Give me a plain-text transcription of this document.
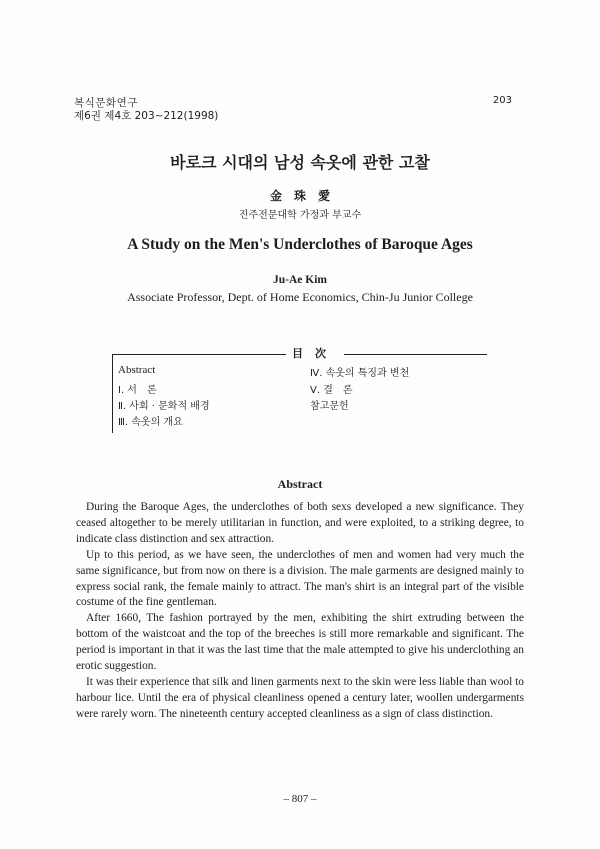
복식문화연구
제6권 제4호 203∼212(1998)
203
바로크 시대의 남성 속옷에 관한 고찰
金珠愛
진주전문대학 가정과 부교수
A Study on the Men's Underclothes of Baroque Ages
Ju-Ae Kim
Associate Professor, Dept. of Home Economics, Chin-Ju Junior College
目次
Abstract
Ⅰ. 서　론
Ⅱ. 사회 · 문화적 배경
Ⅲ. 속옷의 개요
Ⅳ. 속옷의 특징과 변천
Ⅴ. 결　론
참고문헌
Abstract

During the Baroque Ages, the underclothes of both sexs developed a new significance. They ceased altogether to be merely utilitarian in function, and were exploited, to a striking degree, to indicate class distinction and sex attraction.

Up to this period, as we have seen, the underclothes of men and women had very much the same significance, but from now on there is a division. The male garments are designed mainly to express social rank, the female mainly to attract. The man's shirt is an integral part of the visible costume of the fine gentleman.

After 1660, The fashion portrayed by the men, exhibiting the shirt extruding between the bottom of the waistcoat and the top of the breeches is still more remarkable and significant. The period is important in that it was the last time that the male attempted to give his underclothing an erotic suggestion.

It was their experience that silk and linen garments next to the skin were less liable than wool to harbour lice. Until the era of physical cleanliness opened a century later, woollen undergarments were rarely worn. The nineteenth century accepted cleanliness as a sign of class distinction.

– 807 –
